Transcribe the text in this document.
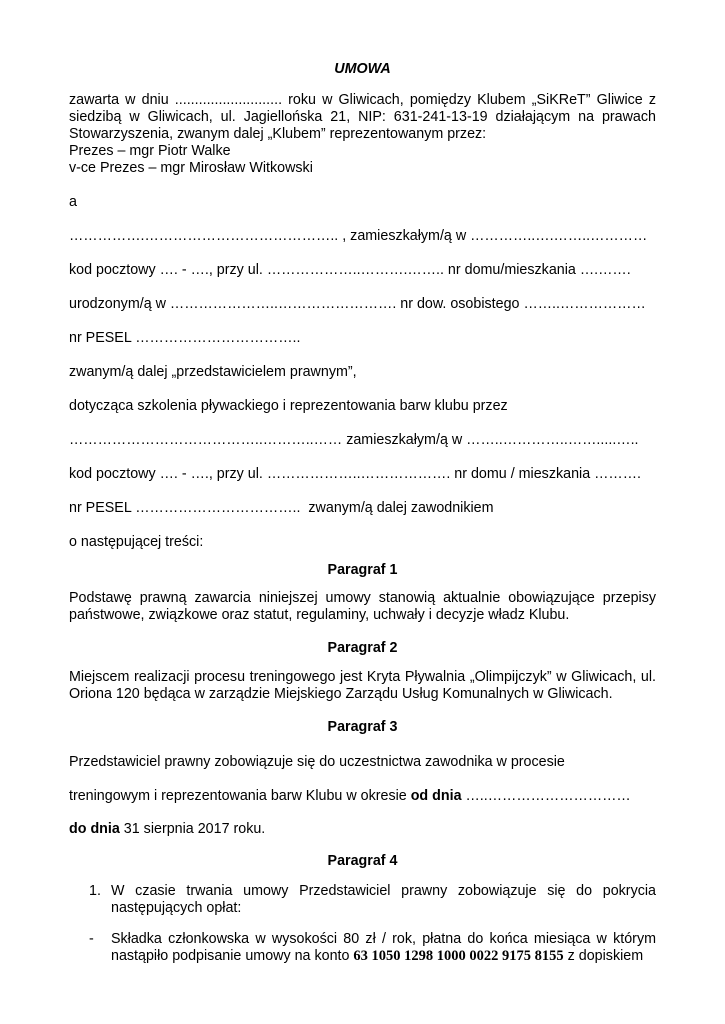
UMOWA
zawarta w dniu ........................... roku w Gliwicach, pomiędzy Klubem „SiKReT” Gliwice z siedzibą w Gliwicach, ul. Jagiellońska 21, NIP: 631-241-13-19 działającym na prawach Stowarzyszenia, zwanym dalej „Klubem” reprezentowanym przez:
Prezes – mgr Piotr Walke
v-ce Prezes – mgr Mirosław Witkowski
a
…………….………………………………….. , zamieszkałym/ą w …………..….……..…………
kod pocztowy …. - …., przy ul. ………………..……….…….. nr domu/mieszkania ….…….
urodzonym/ą w …………………..……………………. nr dow. osobistego ……..………………
nr PESEL ……………………………..
zwanym/ą dalej „przedstawicielem prawnym”,
dotycząca szkolenia pływackiego i reprezentowania barw klubu przez
…………………………………..………..…… zamieszkałym/ą w ……..…………..…….....…..
kod pocztowy …. - …., przy ul. ………………..………………. nr domu / mieszkania ……….
nr PESEL …………………………….. zwanym/ą dalej zawodnikiem
o następującej treści:
Paragraf 1
Podstawę prawną zawarcia niniejszej umowy stanowią aktualnie obowiązujące przepisy państwowe, związkowe oraz statut, regulaminy, uchwały i decyzje władz Klubu.
Paragraf 2
Miejscem realizacji procesu treningowego jest Kryta Pływalnia „Olimpijczyk” w Gliwicach, ul. Oriona 120 będąca w zarządzie Miejskiego Zarządu Usług Komunalnych w Gliwicach.
Paragraf 3
Przedstawiciel prawny zobowiązuje się do uczestnictwa zawodnika w procesie
treningowym i reprezentowania barw Klubu w okresie od dnia …..…………………………
do dnia 31 sierpnia 2017 roku.
Paragraf 4
1. W czasie trwania umowy Przedstawiciel prawny zobowiązuje się do pokrycia następujących opłat:
- Składka członkowska w wysokości 80 zł / rok, płatna do końca miesiąca w którym nastąpiło podpisanie umowy na konto 63 1050 1298 1000 0022 9175 8155 z dopiskiem
